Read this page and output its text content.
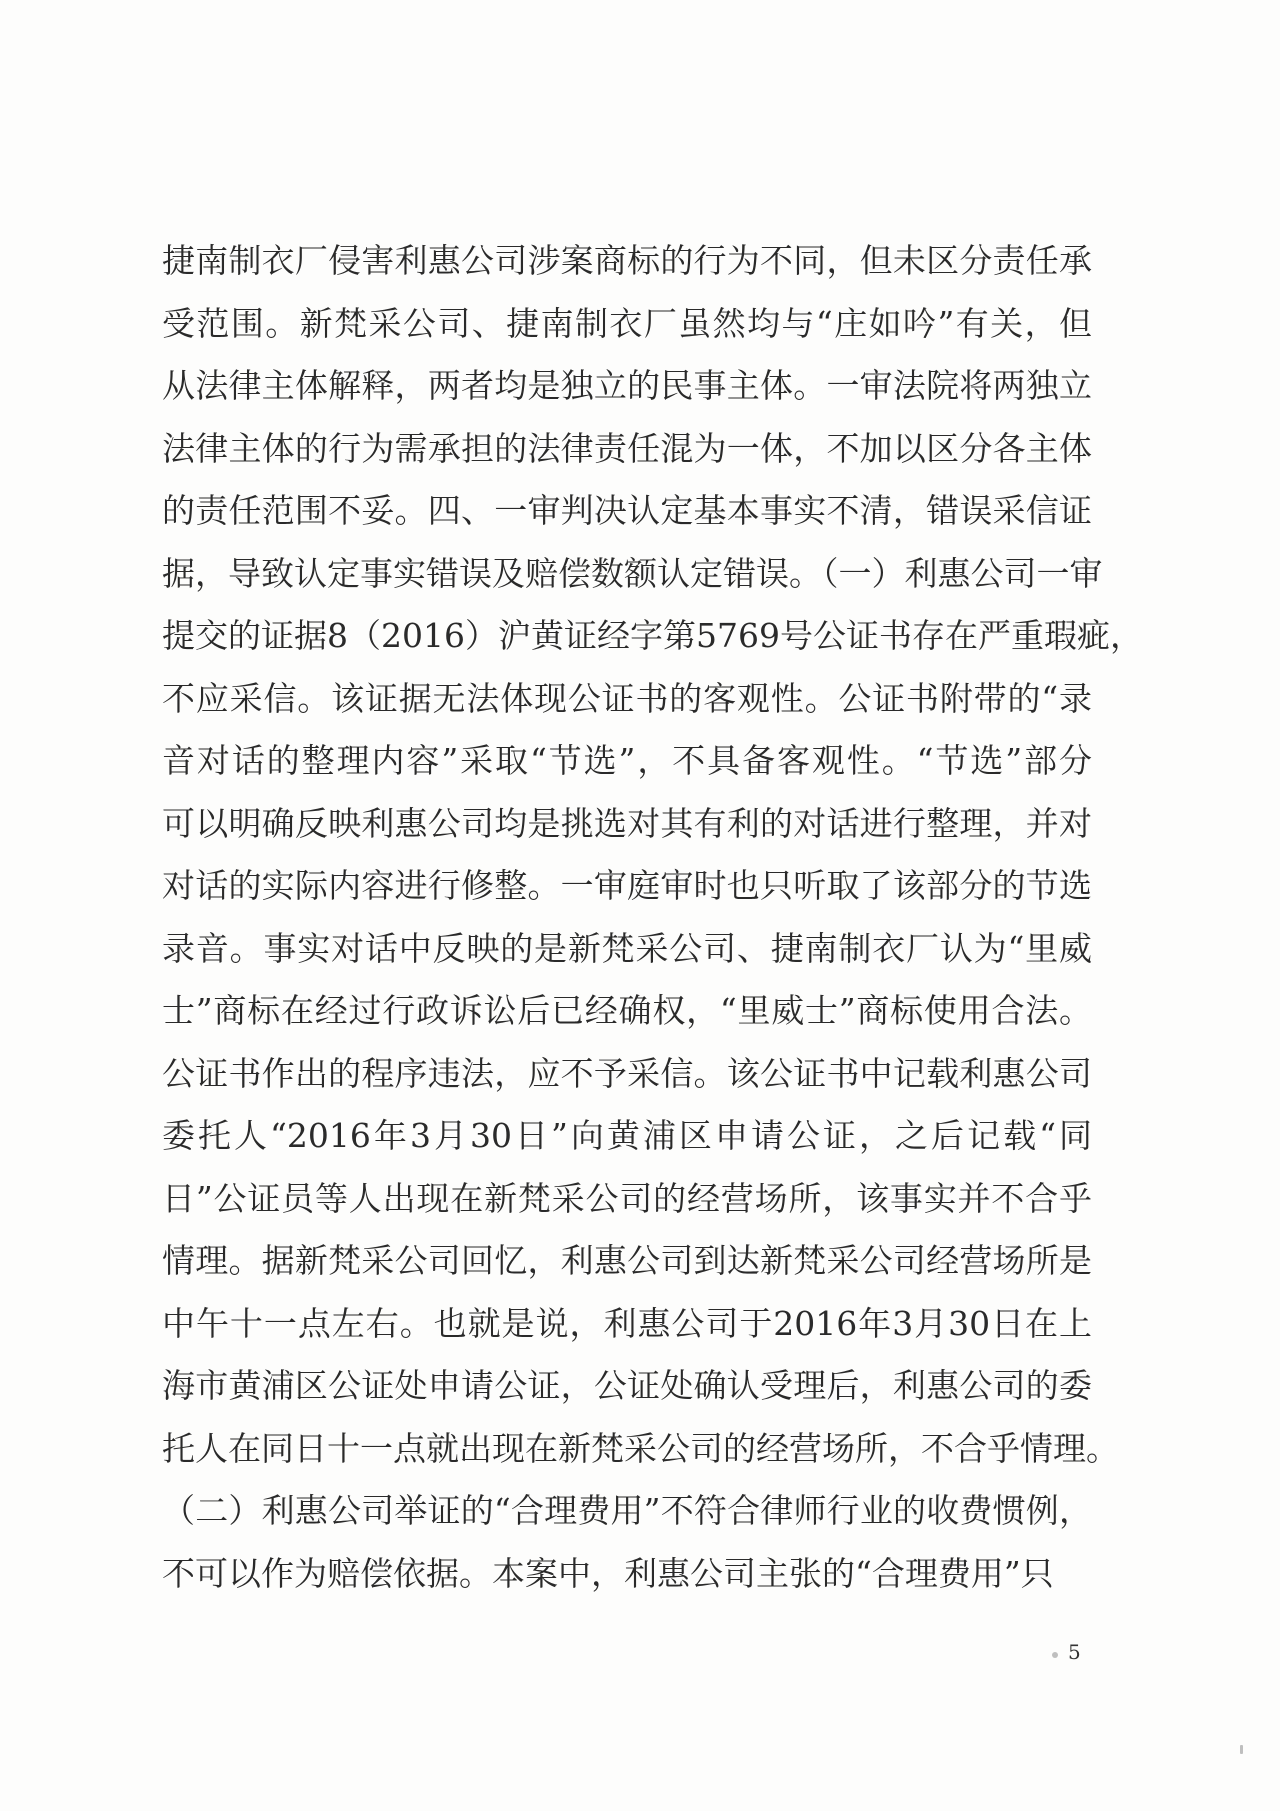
捷南制衣厂侵害利惠公司涉案商标的行为不同，但未区分责任承
受范围。新梵采公司、捷南制衣厂虽然均与“庄如吟”有关，但
从法律主体解释，两者均是独立的民事主体。一审法院将两独立
法律主体的行为需承担的法律责任混为一体，不加以区分各主体
的责任范围不妥。四、一审判决认定基本事实不清，错误采信证
据，导致认定事实错误及赔偿数额认定错误。（一）利惠公司一审
提交的证据8（2016）沪黄证经字第5769号公证书存在严重瑕疵，
不应采信。该证据无法体现公证书的客观性。公证书附带的“录
音对话的整理内容”采取“节选”，不具备客观性。“节选”部分
可以明确反映利惠公司均是挑选对其有利的对话进行整理，并对
对话的实际内容进行修整。一审庭审时也只听取了该部分的节选
录音。事实对话中反映的是新梵采公司、捷南制衣厂认为“里威
士”商标在经过行政诉讼后已经确权，“里威士”商标使用合法。
公证书作出的程序违法，应不予采信。该公证书中记载利惠公司
委托人“2016年3月30日”向黄浦区申请公证，之后记载“同
日”公证员等人出现在新梵采公司的经营场所，该事实并不合乎
情理。据新梵采公司回忆，利惠公司到达新梵采公司经营场所是
中午十一点左右。也就是说，利惠公司于2016年3月30日在上
海市黄浦区公证处申请公证，公证处确认受理后，利惠公司的委
托人在同日十一点就出现在新梵采公司的经营场所，不合乎情理。
（二）利惠公司举证的“合理费用”不符合律师行业的收费惯例，
不可以作为赔偿依据。本案中，利惠公司主张的“合理费用”只
5
